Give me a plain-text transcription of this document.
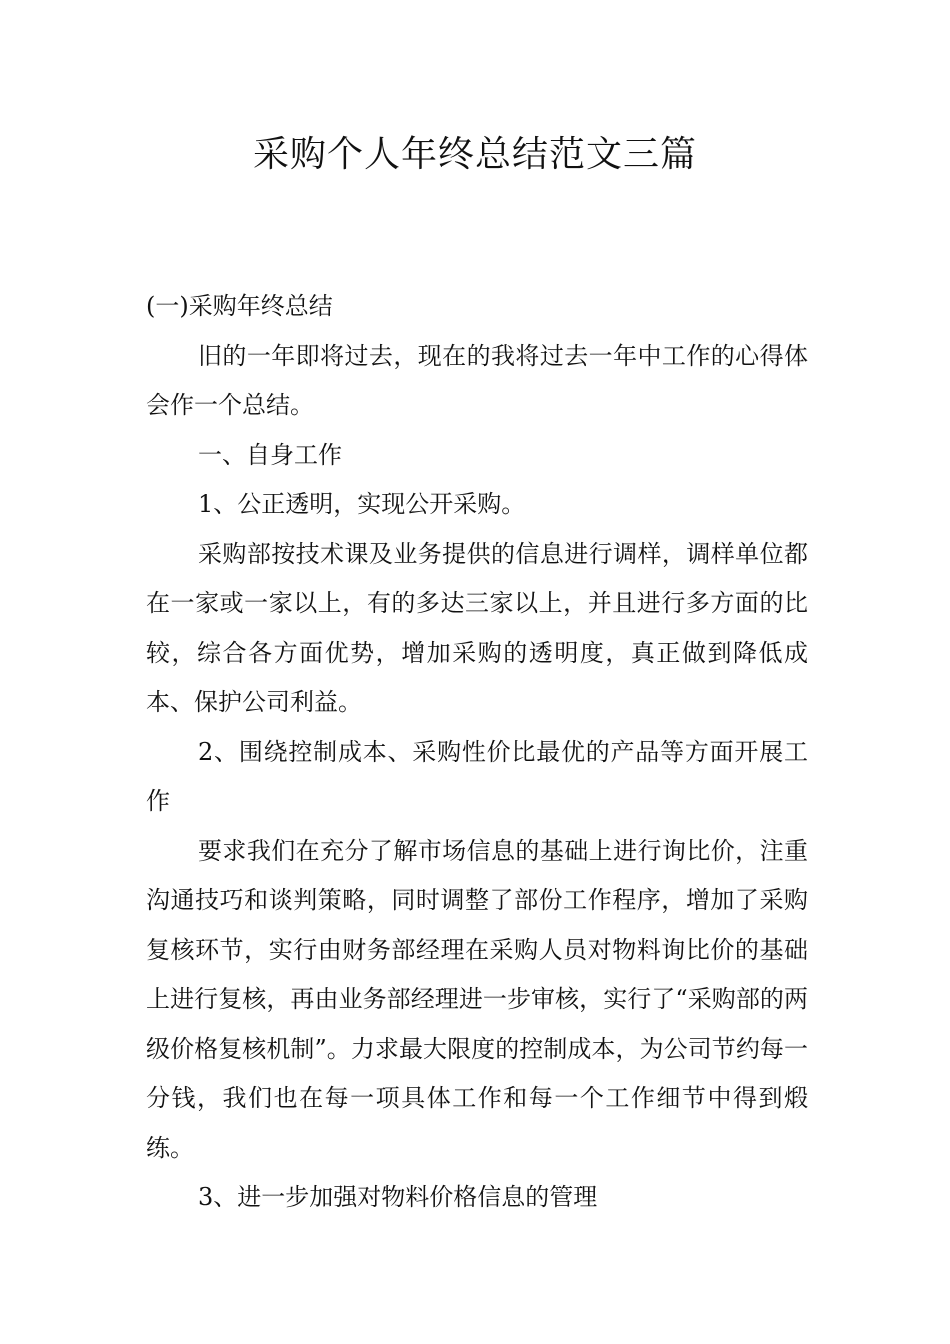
采购个人年终总结范文三篇

(一)采购年终总结

旧的一年即将过去，现在的我将过去一年中工作的心得体会作一个总结。

一、自身工作

1、公正透明，实现公开采购。

采购部按技术课及业务提供的信息进行调样，调样单位都在一家或一家以上，有的多达三家以上，并且进行多方面的比较，综合各方面优势，增加采购的透明度，真正做到降低成本、保护公司利益。

2、围绕控制成本、采购性价比最优的产品等方面开展工作

要求我们在充分了解市场信息的基础上进行询比价，注重沟通技巧和谈判策略，同时调整了部份工作程序，增加了采购复核环节，实行由财务部经理在采购人员对物料询比价的基础上进行复核，再由业务部经理进一步审核，实行了“采购部的两级价格复核机制”。力求最大限度的控制成本，为公司节约每一分钱，我们也在每一项具体工作和每一个工作细节中得到煅练。

3、进一步加强对物料价格信息的管理
